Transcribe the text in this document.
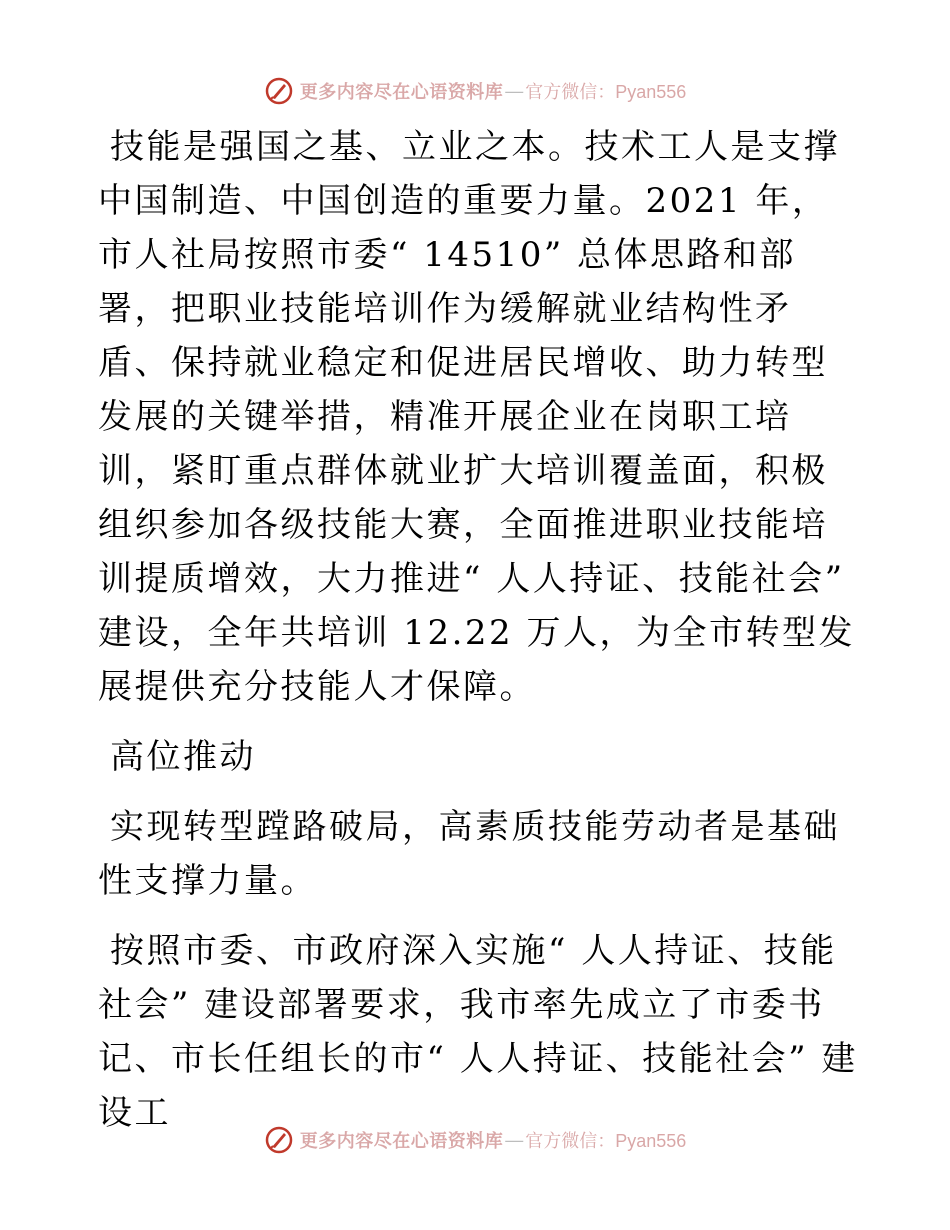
更多内容尽在心语资料库 — 官方微信：Pyan556

技能是强国之基、立业之本。技术工人是支撑中国制造、中国创造的重要力量。2021 年，市人社局按照市委“ 14510” 总体思路和部署，把职业技能培训作为缓解就业结构性矛盾、保持就业稳定和促进居民增收、助力转型发展的关键举措，精准开展企业在岗职工培训，紧盯重点群体就业扩大培训覆盖面，积极组织参加各级技能大赛，全面推进职业技能培训提质增效，大力推进“ 人人持证、技能社会” 建设，全年共培训 12.22 万人，为全市转型发展提供充分技能人才保障。

高位推动

实现转型蹚路破局，高素质技能劳动者是基础性支撑力量。

按照市委、市政府深入实施“ 人人持证、技能社会” 建设部署要求，我市率先成立了市委书记、市长任组长的市“ 人人持证、技能社会” 建设工

更多内容尽在心语资料库 — 官方微信：Pyan556
